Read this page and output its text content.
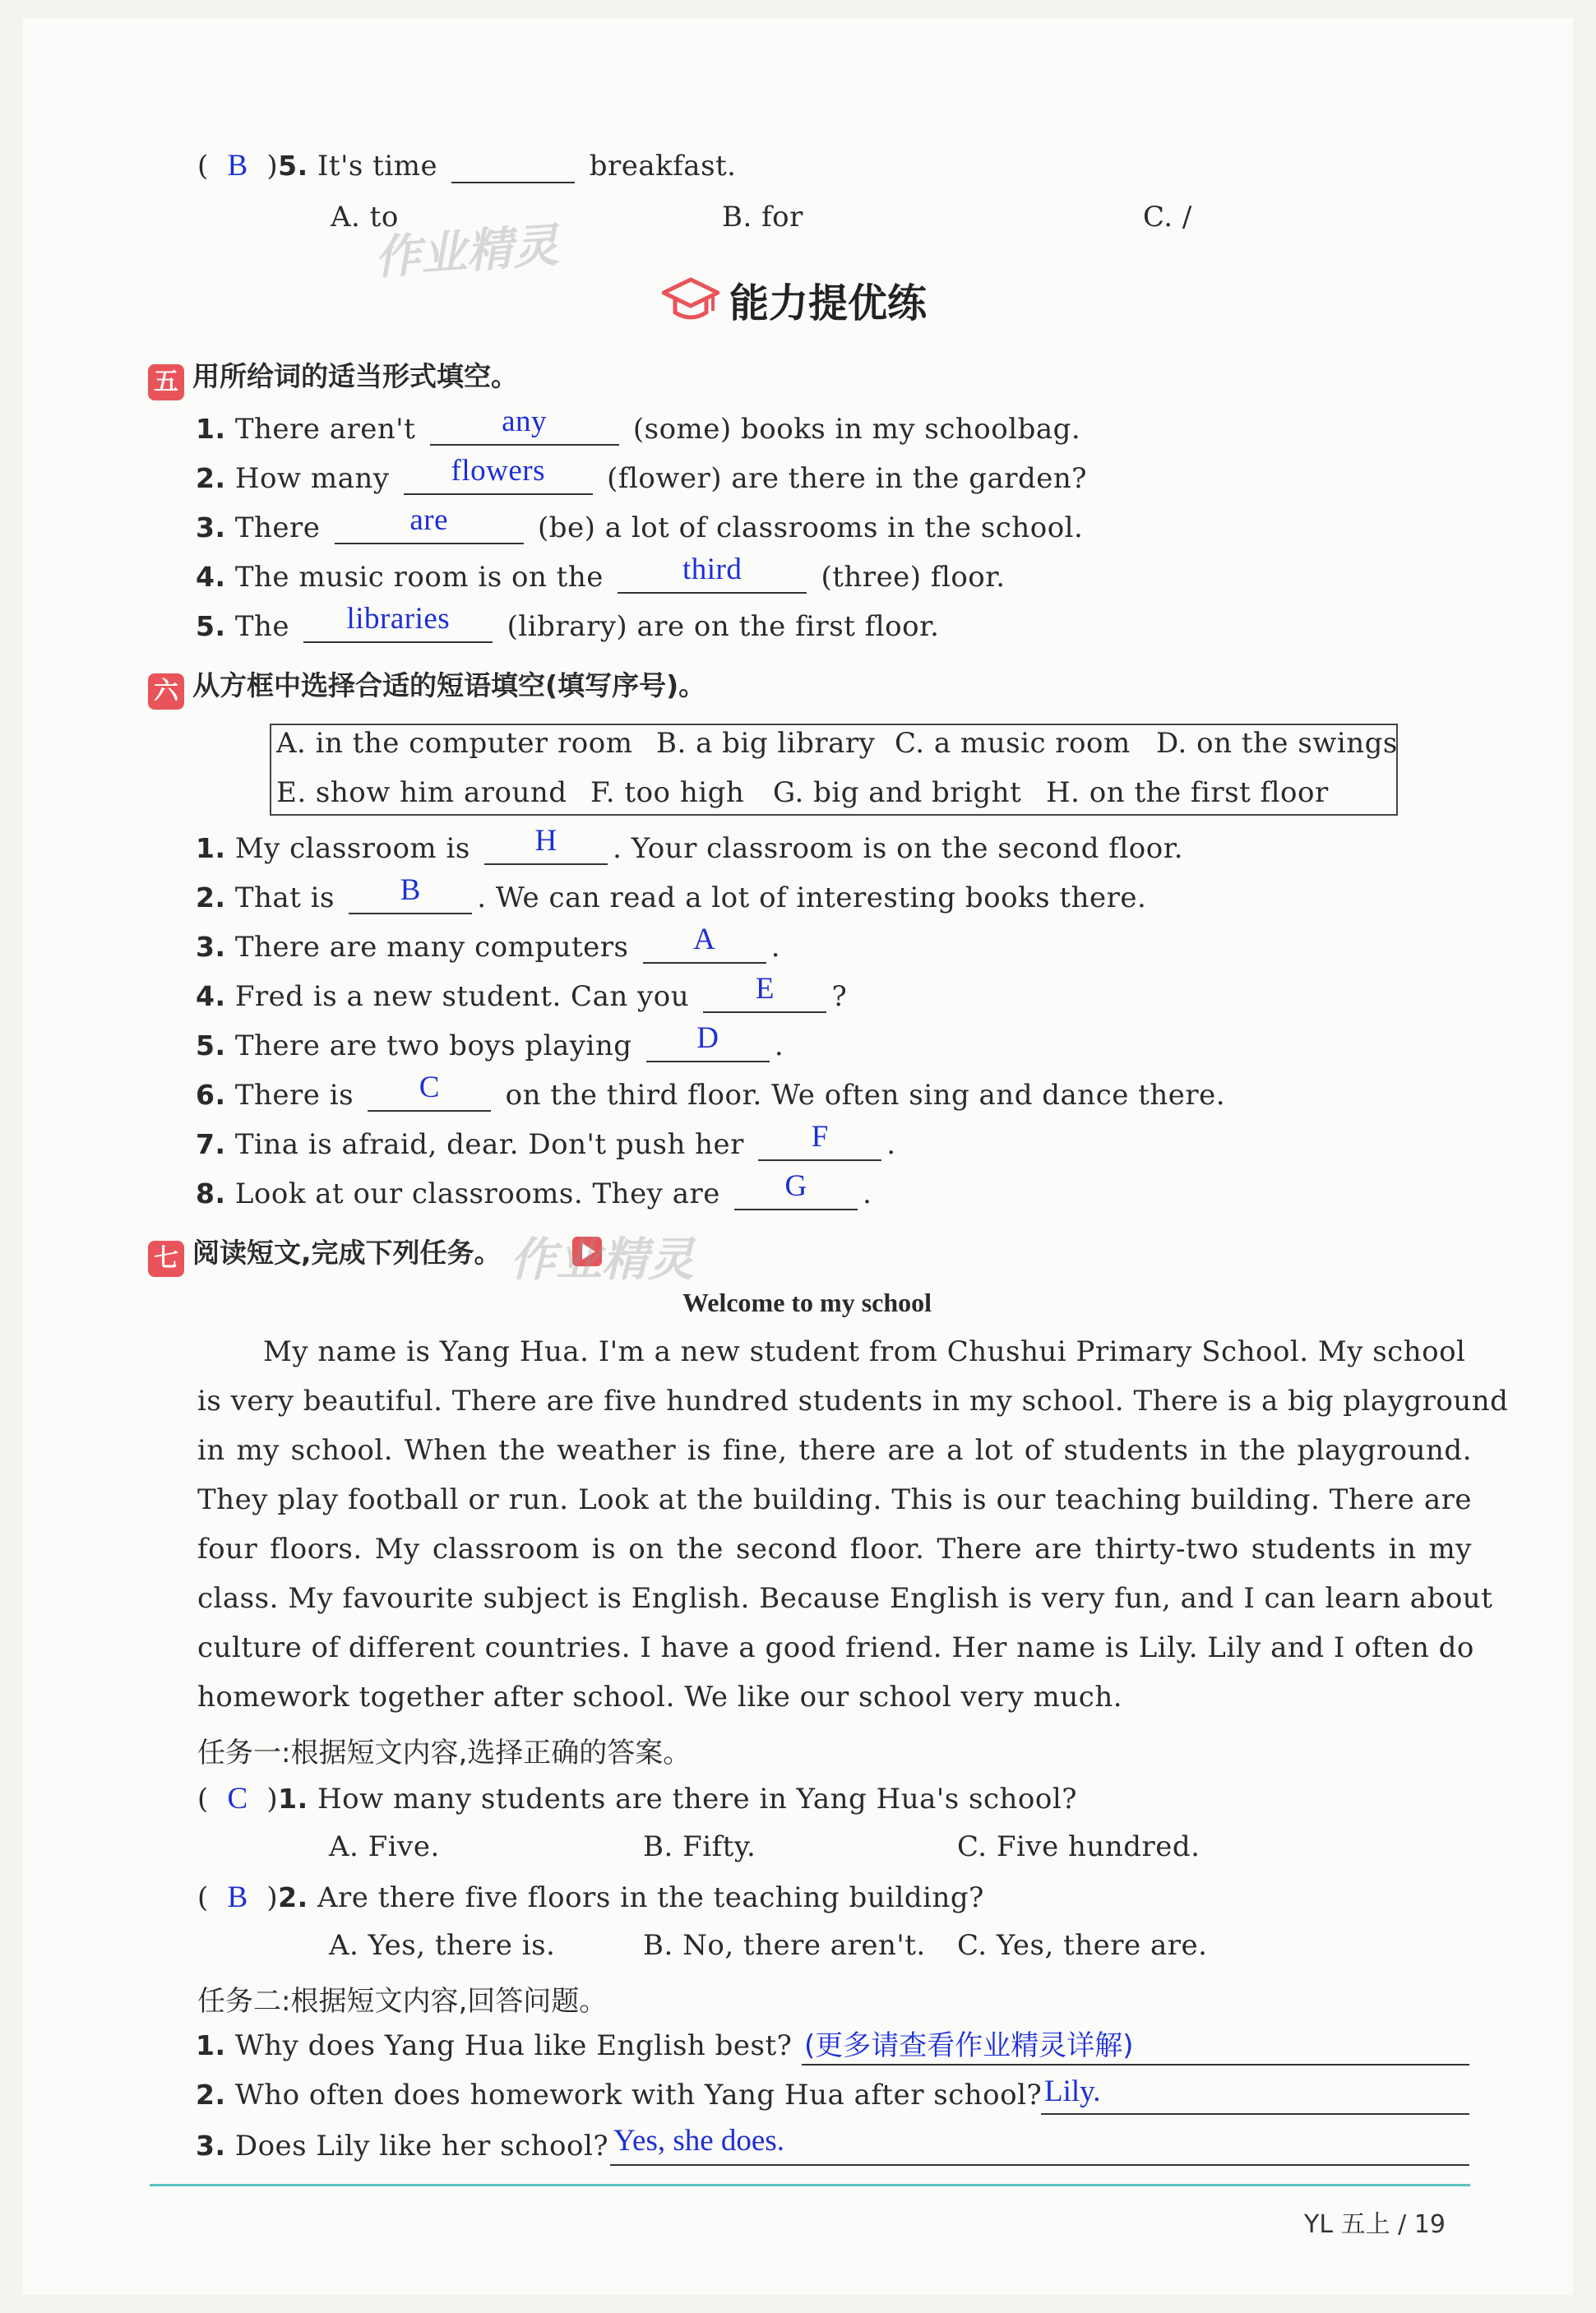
( B )5. It's time	breakfast.
A. to	B. for	C. /
作业精灵
能力提优练
五 用所给词的适当形式填空。
1. There aren't	any	(some) books in my schoolbag.
2. How many	flowers	(flower) are there in the garden?
3. There	are	(be) a lot of classrooms in the school.
4. The music room is on the	third	(three) floor.
5. The	libraries	(library) are on the first floor.
六 从方框中选择合适的短语填空(填写序号)。
A. in the computer room B. a big library C. a music room D. on the swings
E. show him around F. too high G. big and bright H. on the first floor
1. My classroom is	H	. Your classroom is on the second floor.
2. That is	B	. We can read a lot of interesting books there.
3. There are many computers	A	.
4. Fred is a new student. Can you	E	?
5. There are two boys playing	D	.
6. There is	C	on the third floor. We often sing and dance there.
7. Tina is afraid, dear. Don't push her	F	.
8. Look at our classrooms. They are	G	.
七 阅读短文,完成下列任务。 作业精灵
Welcome to my school
My name is Yang Hua. I'm a new student from Chushui Primary School. My school
is very beautiful. There are five hundred students in my school. There is a big playground
in my school. When the weather is fine, there are a lot of students in the playground.
They play football or run. Look at the building. This is our teaching building. There are
four floors. My classroom is on the second floor. There are thirty-two students in my
class. My favourite subject is English. Because English is very fun, and I can learn about
culture of different countries. I have a good friend. Her name is Lily. Lily and I often do
homework together after school. We like our school very much.
任务一:根据短文内容,选择正确的答案。
( C )1. How many students are there in Yang Hua's school?
A. Five.	B. Fifty.	C. Five hundred.
( B )2. Are there five floors in the teaching building?
A. Yes, there is.	B. No, there aren't. C. Yes, there are.
任务二:根据短文内容,回答问题。
1. Why does Yang Hua like English best? (更多请查看作业精灵详解)
2. Who often does homework with Yang Hua after school? Lily.
3. Does Lily like her school? Yes, she does.
YL 五上 / 19
